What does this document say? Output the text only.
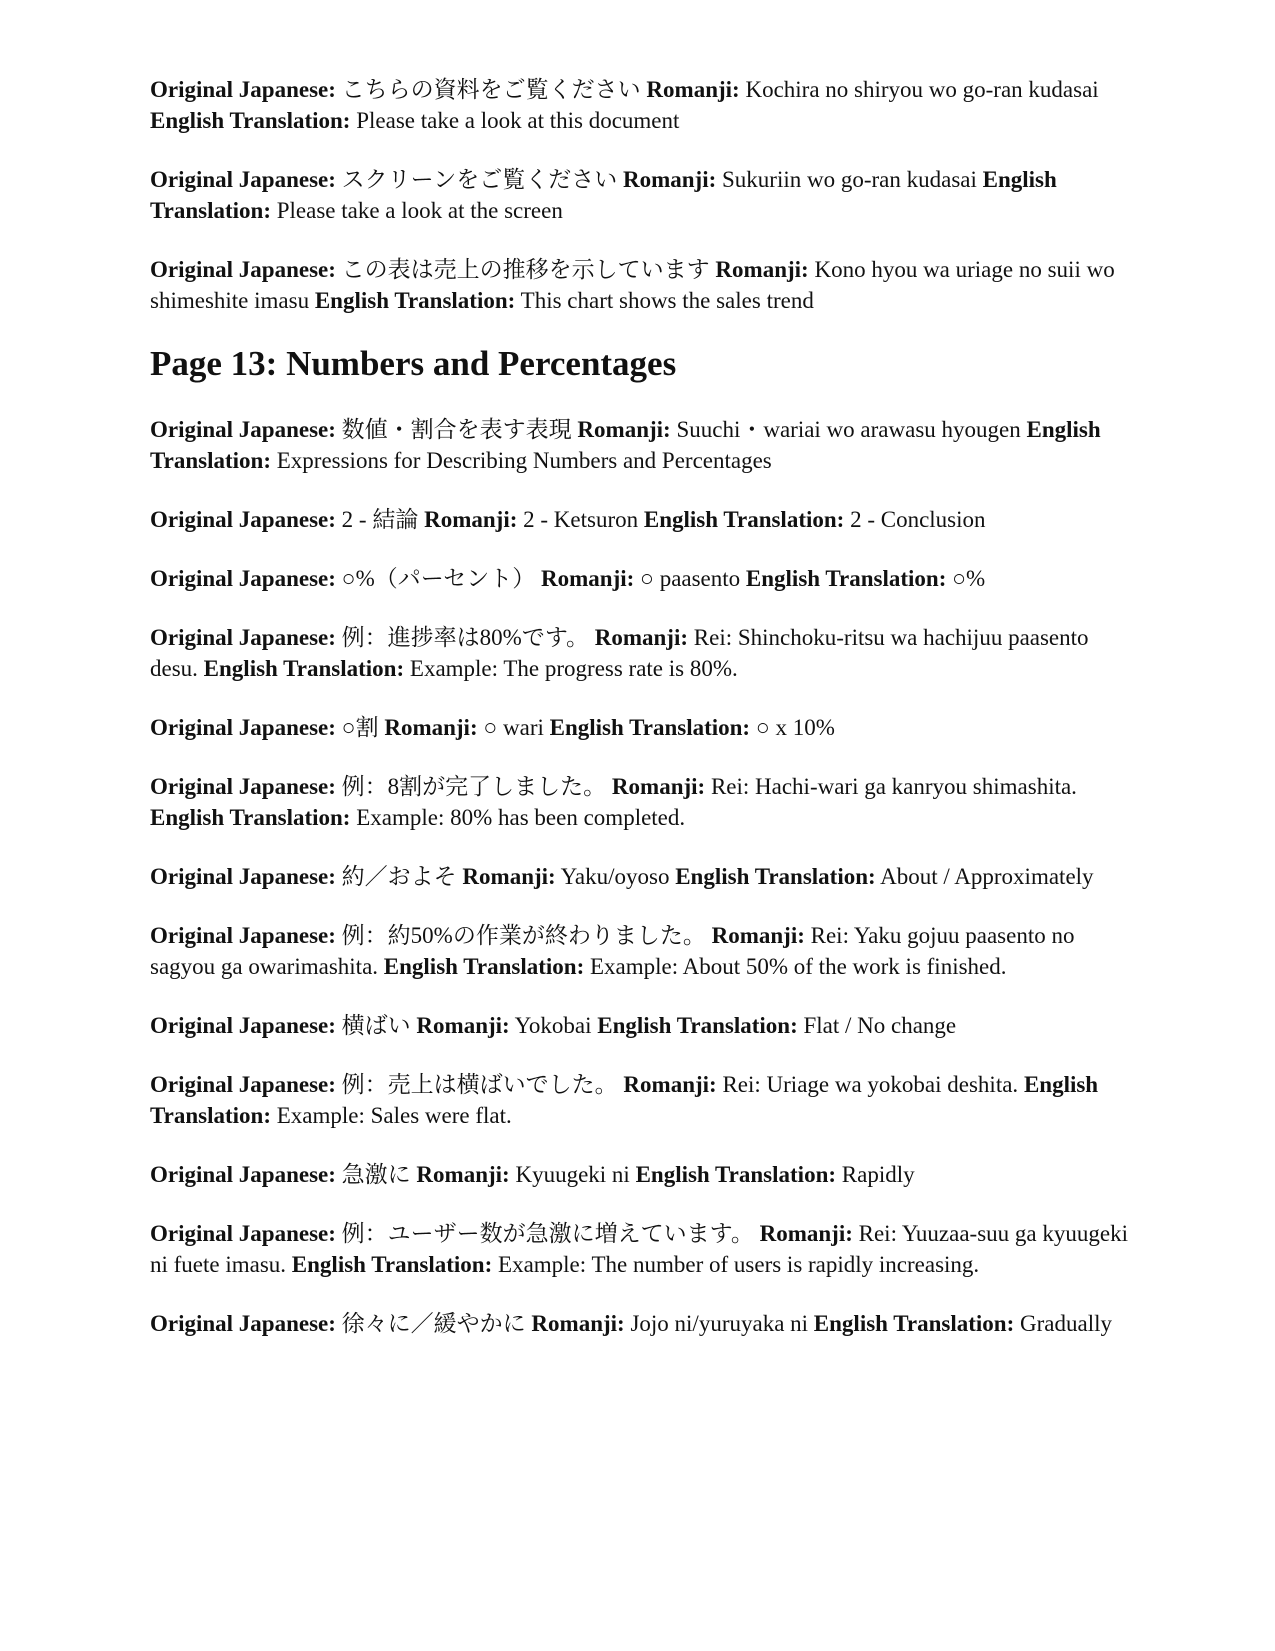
Original Japanese: こちらの資料をご覧ください Romanji: Kochira no shiryou wo go-ran kudasai English Translation: Please take a look at this document

Original Japanese: スクリーンをご覧ください Romanji: Sukuriin wo go-ran kudasai English Translation: Please take a look at the screen

Original Japanese: この表は売上の推移を示しています Romanji: Kono hyou wa uriage no suii wo shimeshite imasu English Translation: This chart shows the sales trend

Page 13: Numbers and Percentages

Original Japanese: 数値・割合を表す表現 Romanji: Suuchi・wariai wo arawasu hyougen English Translation: Expressions for Describing Numbers and Percentages

Original Japanese: 2 - 結論 Romanji: 2 - Ketsuron English Translation: 2 - Conclusion

Original Japanese: ○%（パーセント） Romanji: ○ paasento English Translation: ○%

Original Japanese: 例：進捗率は80%です。 Romanji: Rei: Shinchoku-ritsu wa hachijuu paasento desu. English Translation: Example: The progress rate is 80%.

Original Japanese: ○割 Romanji: ○ wari English Translation: ○ x 10%

Original Japanese: 例：8割が完了しました。 Romanji: Rei: Hachi-wari ga kanryou shimashita. English Translation: Example: 80% has been completed.

Original Japanese: 約／およそ Romanji: Yaku/oyoso English Translation: About / Approximately

Original Japanese: 例：約50%の作業が終わりました。 Romanji: Rei: Yaku gojuu paasento no sagyou ga owarimashita. English Translation: Example: About 50% of the work is finished.

Original Japanese: 横ばい Romanji: Yokobai English Translation: Flat / No change

Original Japanese: 例：売上は横ばいでした。 Romanji: Rei: Uriage wa yokobai deshita. English Translation: Example: Sales were flat.

Original Japanese: 急激に Romanji: Kyuugeki ni English Translation: Rapidly

Original Japanese: 例：ユーザー数が急激に増えています。 Romanji: Rei: Yuuzaa-suu ga kyuugeki ni fuete imasu. English Translation: Example: The number of users is rapidly increasing.

Original Japanese: 徐々に／緩やかに Romanji: Jojo ni/yuruyaka ni English Translation: Gradually
